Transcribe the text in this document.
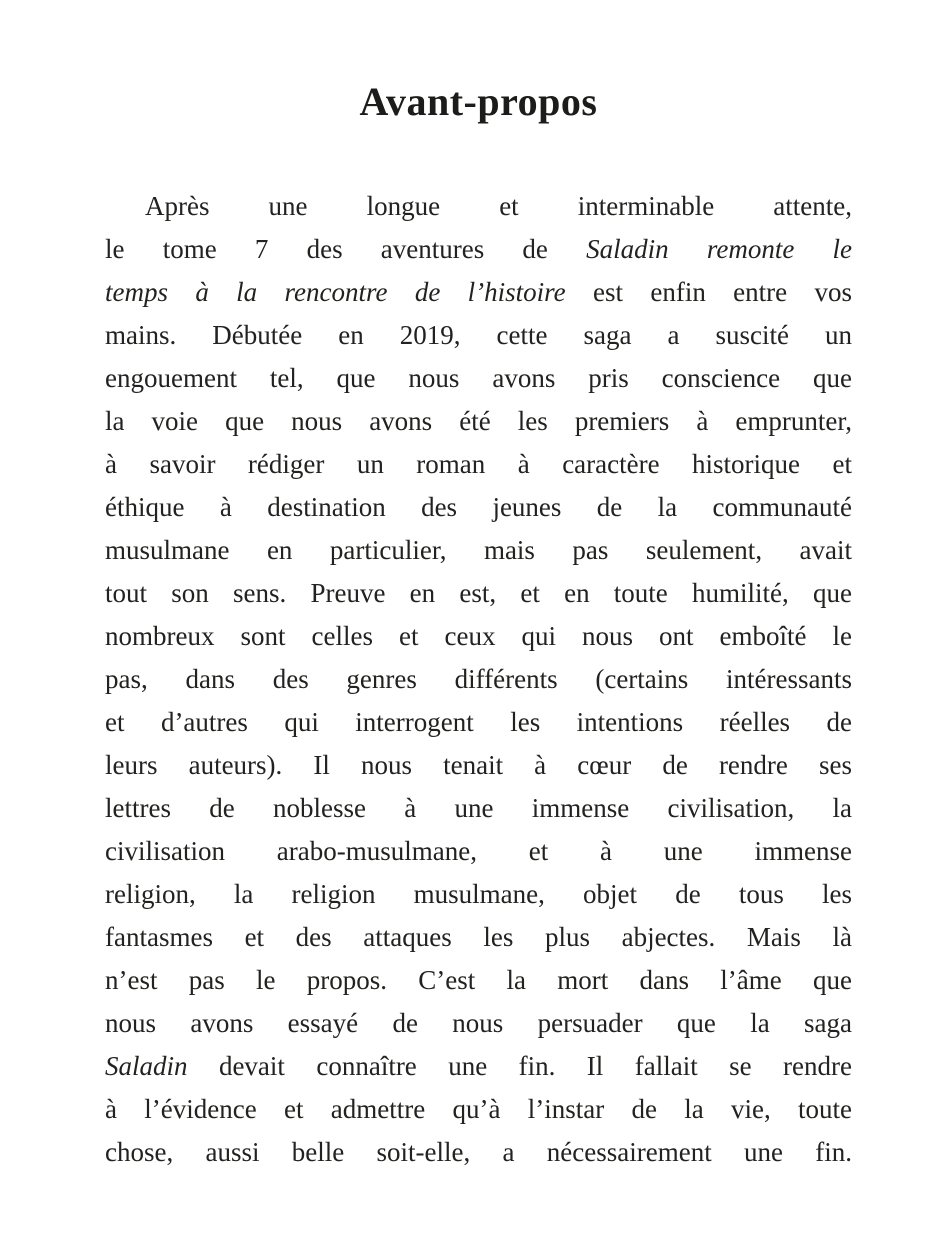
Avant-propos
Après une longue et interminable attente,
le tome 7 des aventures de Saladin remonte le
temps à la rencontre de l’histoire est enfin entre vos
mains. Débutée en 2019, cette saga a suscité un
engouement tel, que nous avons pris conscience que
la voie que nous avons été les premiers à emprunter,
à savoir rédiger un roman à caractère historique et
éthique à destination des jeunes de la communauté
musulmane en particulier, mais pas seulement, avait
tout son sens. Preuve en est, et en toute humilité, que
nombreux sont celles et ceux qui nous ont emboîté le
pas, dans des genres différents (certains intéressants
et d’autres qui interrogent les intentions réelles de
leurs auteurs). Il nous tenait à cœur de rendre ses
lettres de noblesse à une immense civilisation, la
civilisation arabo-musulmane, et à une immense
religion, la religion musulmane, objet de tous les
fantasmes et des attaques les plus abjectes. Mais là
n’est pas le propos. C’est la mort dans l’âme que
nous avons essayé de nous persuader que la saga
Saladin devait connaître une fin. Il fallait se rendre
à l’évidence et admettre qu’à l’instar de la vie, toute
chose, aussi belle soit-elle, a nécessairement une fin.
